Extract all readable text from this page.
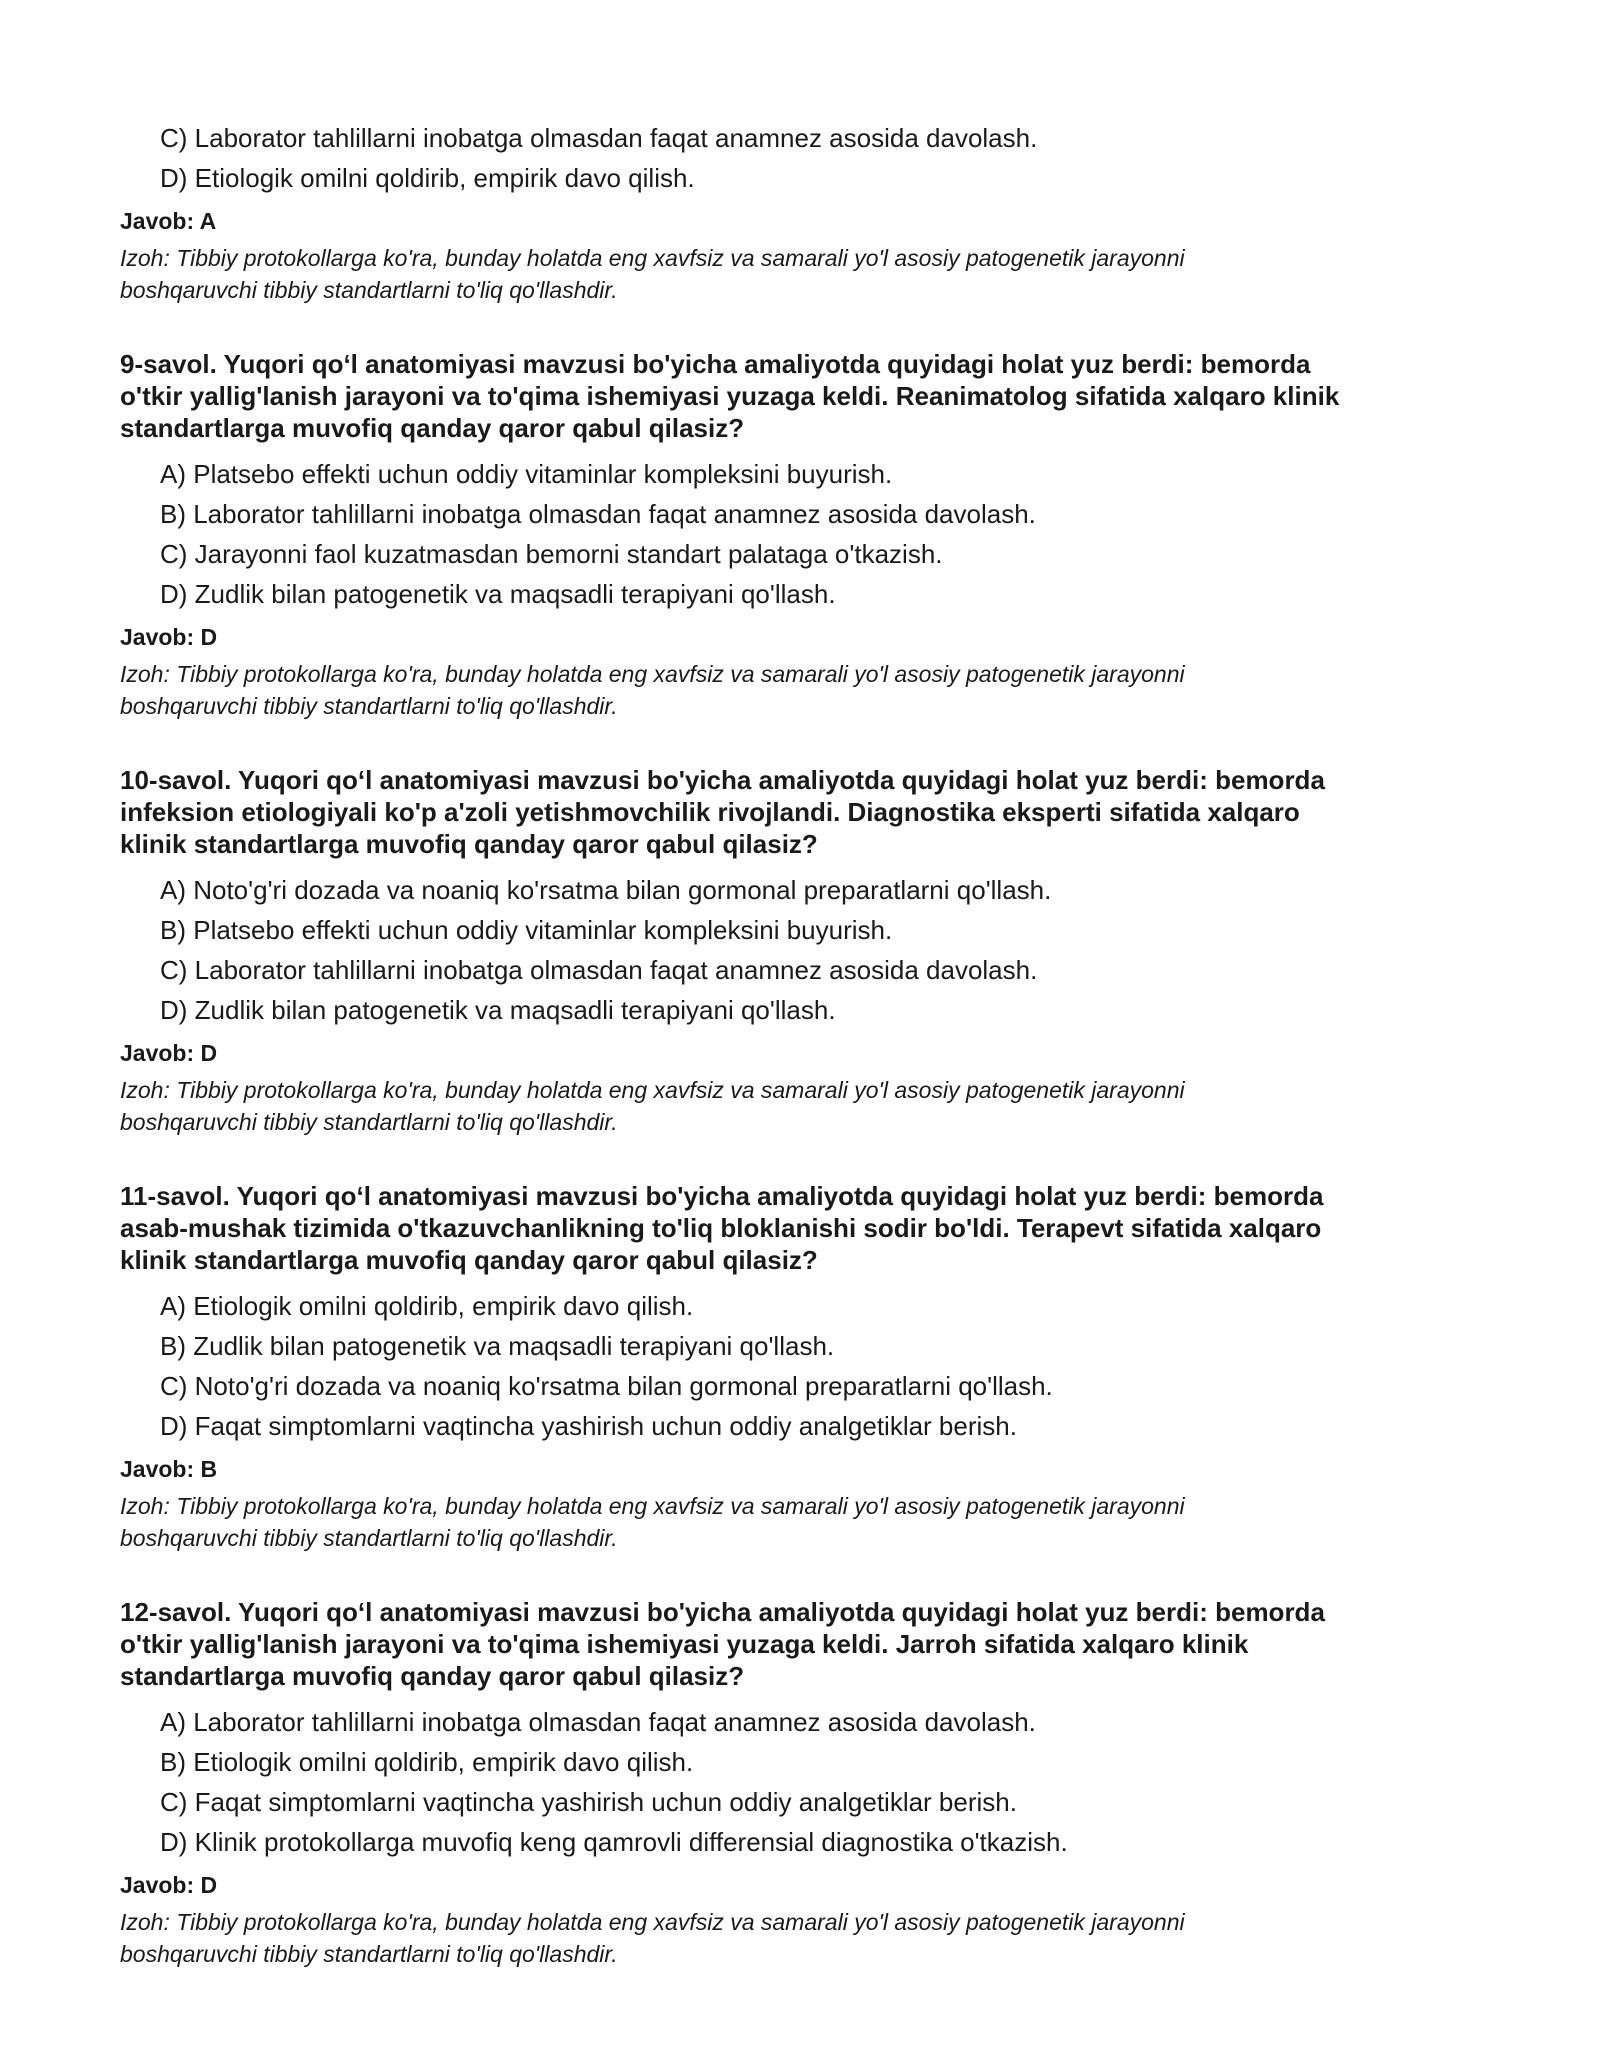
C) Laborator tahlillarni inobatga olmasdan faqat anamnez asosida davolash.
D) Etiologik omilni qoldirib, empirik davo qilish.
Javob: A
Izoh: Tibbiy protokollarga ko'ra, bunday holatda eng xavfsiz va samarali yo'l asosiy patogenetik jarayonni
boshqaruvchi tibbiy standartlarni to'liq qo'llashdir.
9-savol. Yuqori qo‘l anatomiyasi mavzusi bo'yicha amaliyotda quyidagi holat yuz berdi: bemorda
o'tkir yallig'lanish jarayoni va to'qima ishemiyasi yuzaga keldi. Reanimatolog sifatida xalqaro klinik
standartlarga muvofiq qanday qaror qabul qilasiz?
A) Platsebo effekti uchun oddiy vitaminlar kompleksini buyurish.
B) Laborator tahlillarni inobatga olmasdan faqat anamnez asosida davolash.
C) Jarayonni faol kuzatmasdan bemorni standart palataga o'tkazish.
D) Zudlik bilan patogenetik va maqsadli terapiyani qo'llash.
Javob: D
Izoh: Tibbiy protokollarga ko'ra, bunday holatda eng xavfsiz va samarali yo'l asosiy patogenetik jarayonni
boshqaruvchi tibbiy standartlarni to'liq qo'llashdir.
10-savol. Yuqori qo‘l anatomiyasi mavzusi bo'yicha amaliyotda quyidagi holat yuz berdi: bemorda
infeksion etiologiyali ko'p a'zoli yetishmovchilik rivojlandi. Diagnostika eksperti sifatida xalqaro
klinik standartlarga muvofiq qanday qaror qabul qilasiz?
A) Noto'g'ri dozada va noaniq ko'rsatma bilan gormonal preparatlarni qo'llash.
B) Platsebo effekti uchun oddiy vitaminlar kompleksini buyurish.
C) Laborator tahlillarni inobatga olmasdan faqat anamnez asosida davolash.
D) Zudlik bilan patogenetik va maqsadli terapiyani qo'llash.
Javob: D
Izoh: Tibbiy protokollarga ko'ra, bunday holatda eng xavfsiz va samarali yo'l asosiy patogenetik jarayonni
boshqaruvchi tibbiy standartlarni to'liq qo'llashdir.
11-savol. Yuqori qo‘l anatomiyasi mavzusi bo'yicha amaliyotda quyidagi holat yuz berdi: bemorda
asab-mushak tizimida o'tkazuvchanlikning to'liq bloklanishi sodir bo'ldi. Terapevt sifatida xalqaro
klinik standartlarga muvofiq qanday qaror qabul qilasiz?
A) Etiologik omilni qoldirib, empirik davo qilish.
B) Zudlik bilan patogenetik va maqsadli terapiyani qo'llash.
C) Noto'g'ri dozada va noaniq ko'rsatma bilan gormonal preparatlarni qo'llash.
D) Faqat simptomlarni vaqtincha yashirish uchun oddiy analgetiklar berish.
Javob: B
Izoh: Tibbiy protokollarga ko'ra, bunday holatda eng xavfsiz va samarali yo'l asosiy patogenetik jarayonni
boshqaruvchi tibbiy standartlarni to'liq qo'llashdir.
12-savol. Yuqori qo‘l anatomiyasi mavzusi bo'yicha amaliyotda quyidagi holat yuz berdi: bemorda
o'tkir yallig'lanish jarayoni va to'qima ishemiyasi yuzaga keldi. Jarroh sifatida xalqaro klinik
standartlarga muvofiq qanday qaror qabul qilasiz?
A) Laborator tahlillarni inobatga olmasdan faqat anamnez asosida davolash.
B) Etiologik omilni qoldirib, empirik davo qilish.
C) Faqat simptomlarni vaqtincha yashirish uchun oddiy analgetiklar berish.
D) Klinik protokollarga muvofiq keng qamrovli differensial diagnostika o'tkazish.
Javob: D
Izoh: Tibbiy protokollarga ko'ra, bunday holatda eng xavfsiz va samarali yo'l asosiy patogenetik jarayonni
boshqaruvchi tibbiy standartlarni to'liq qo'llashdir.
